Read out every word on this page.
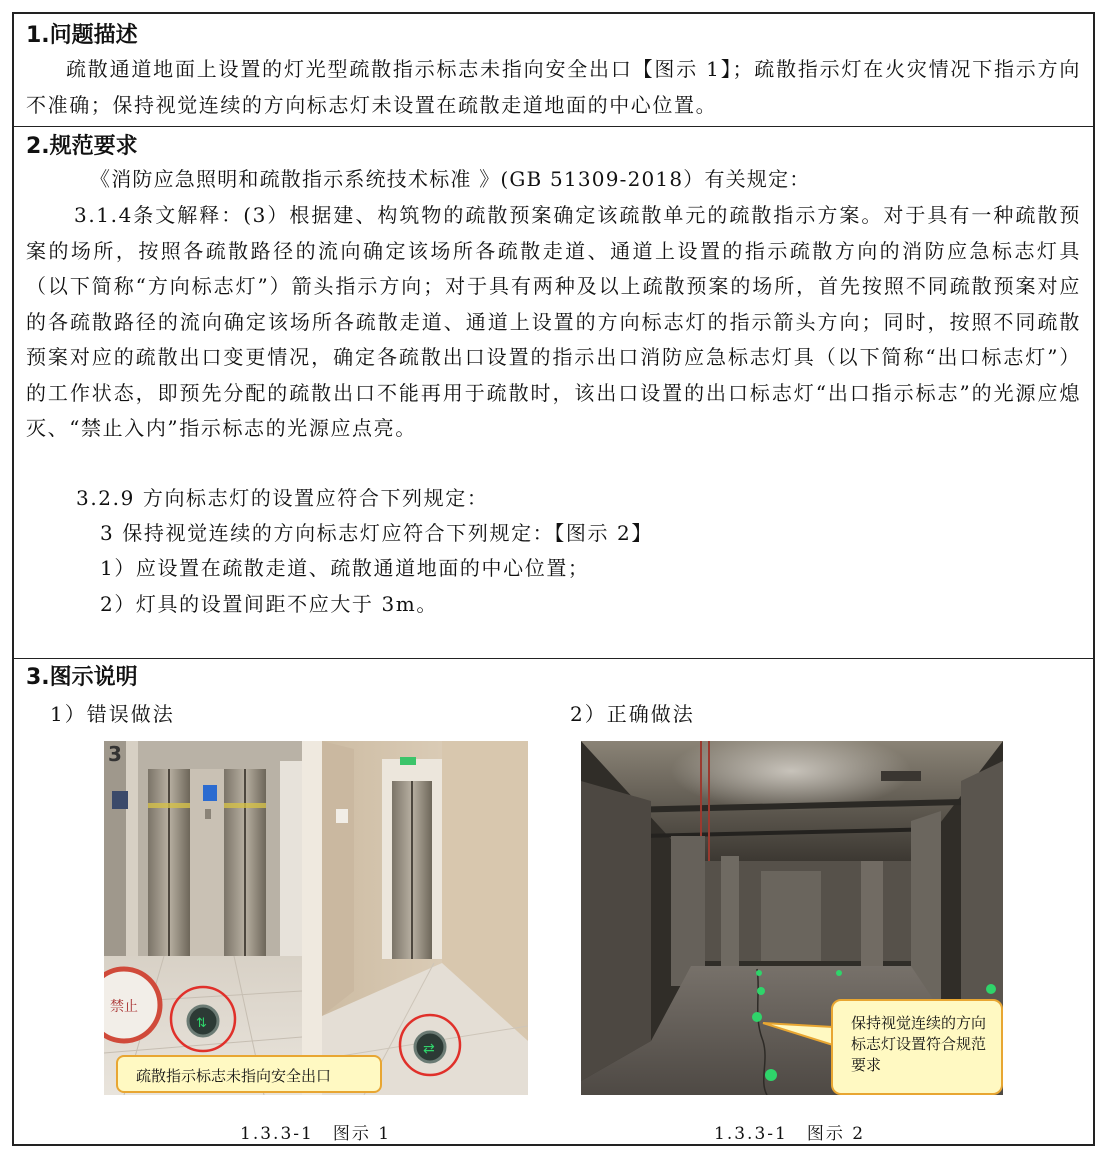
1.问题描述
疏散通道地面上设置的灯光型疏散指示标志未指向安全出口【图示 1】；疏散指示灯在火灾情况下指示方向不准确；保持视觉连续的方向标志灯未设置在疏散走道地面的中心位置。
2.规范要求
《消防应急照明和疏散指示系统技术标准 》(GB 51309-2018）有关规定：
3.1.4条文解释：(3）根据建、构筑物的疏散预案确定该疏散单元的疏散指示方案。对于具有一种疏散预案的场所，按照各疏散路径的流向确定该场所各疏散走道、通道上设置的指示疏散方向的消防应急标志灯具（以下简称“方向标志灯”）箭头指示方向；对于具有两种及以上疏散预案的场所，首先按照不同疏散预案对应的各疏散路径的流向确定该场所各疏散走道、通道上设置的方向标志灯的指示箭头方向；同时，按照不同疏散预案对应的疏散出口变更情况，确定各疏散出口设置的指示出口消防应急标志灯具（以下简称“出口标志灯”）的工作状态，即预先分配的疏散出口不能再用于疏散时，该出口设置的出口标志灯“出口指示标志”的光源应熄灭、“禁止入内”指示标志的光源应点亮。
3.2.9 方向标志灯的设置应符合下列规定：
3 保持视觉连续的方向标志灯应符合下列规定：【图示 2】
1）应设置在疏散走道、疏散通道地面的中心位置；
2）灯具的设置间距不应大于 3m。
3.图示说明
1）错误做法	2）正确做法
3
禁止
⇅
⇄
疏散指示标志未指向安全出口
保持视觉连续的方向标志灯设置符合规范要求
1.3.3-1　图示 1	1.3.3-1　图示 2
